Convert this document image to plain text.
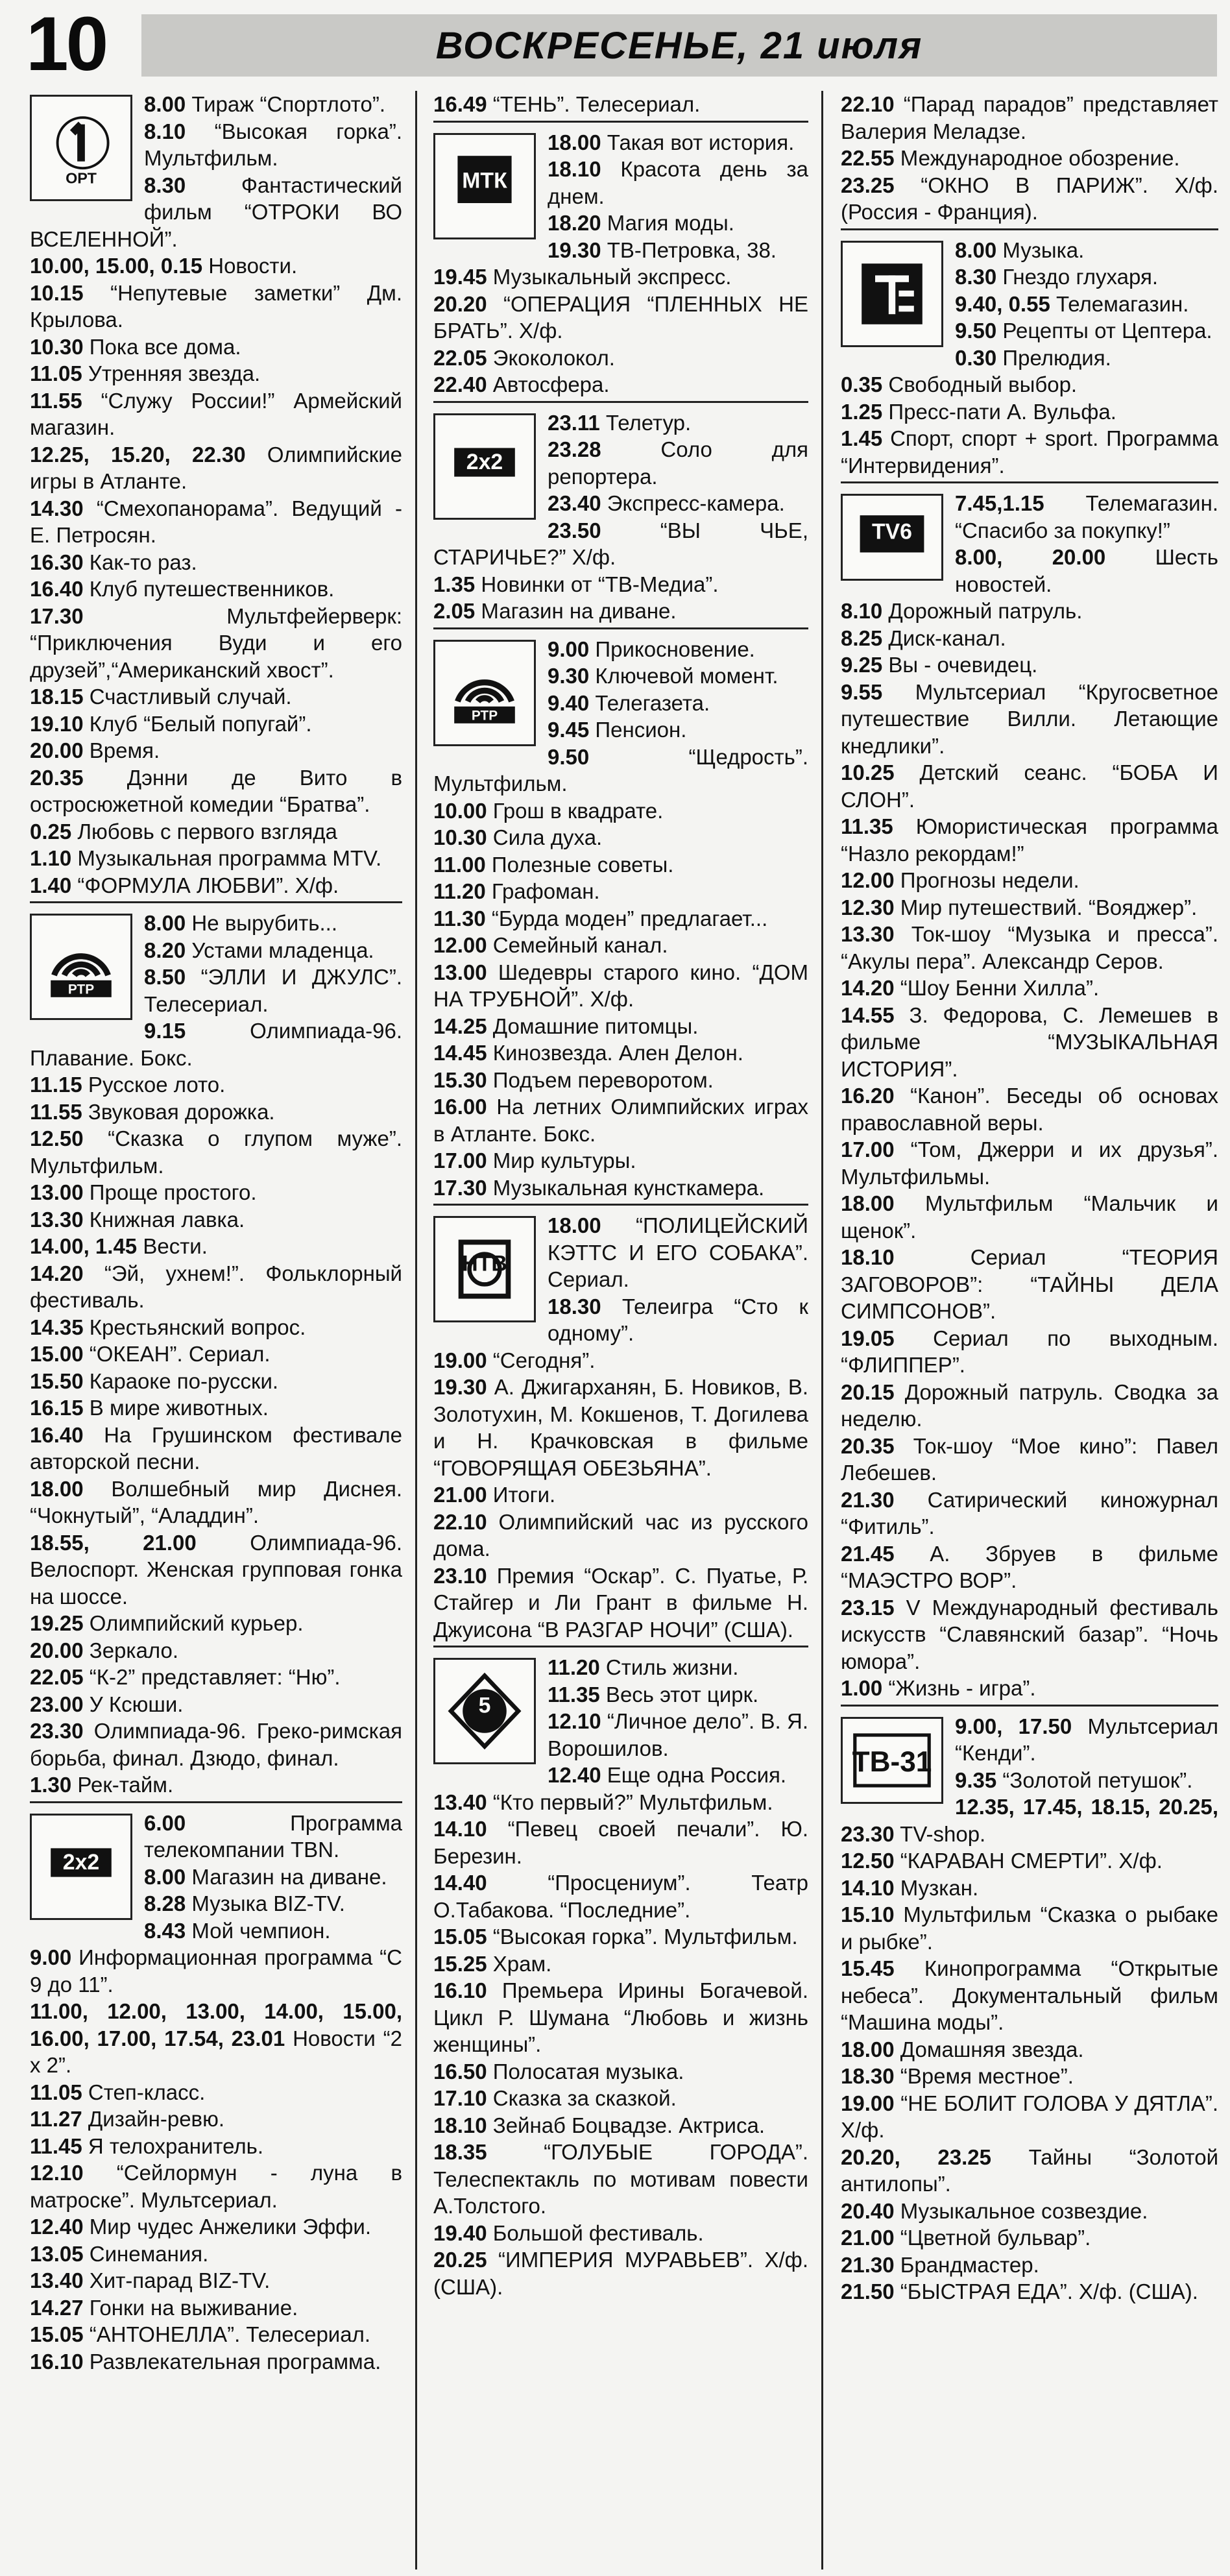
10	ВОСКРЕСЕНЬЕ, 21 июля
ОРТ
8.00 Тираж “Спортлото”.
8.10 “Высокая горка”. Мультфильм.
8.30 Фантастический фильм “ОТРОКИ ВО ВСЕЛЕННОЙ”.
10.00, 15.00, 0.15 Новости.
10.15 “Непутевые заметки” Дм. Крылова.
10.30 Пока все дома.
11.05 Утренняя звезда.
11.55 “Служу России!” Армейский магазин.
12.25, 15.20, 22.30 Олимпийские игры в Атланте.
14.30 “Смехопанорама”. Ведущий - Е. Петросян.
16.30 Как-то раз.
16.40 Клуб путешественников.
17.30 Мультфейерверк: “Приключения Вуди и его друзей”,“Американский хвост”.
18.15 Счастливый случай.
19.10 Клуб “Белый попугай”.
20.00 Время.
20.35 Дэнни де Вито в остросюжетной комедии “Братва”.
0.25 Любовь с первого взгляда
1.10 Музыкальная программа MTV.
1.40 “ФОРМУЛА ЛЮБВИ”. Х/ф.
РТР
8.00 Не вырубить...
8.20 Устами младенца.
8.50 “ЭЛЛИ И ДЖУЛС”. Телесериал.
9.15 Олимпиада-96. Плавание. Бокс.
11.15 Русское лото.
11.55 Звуковая дорожка.
12.50 “Сказка о глупом муже”. Мультфильм.
13.00 Проще простого.
13.30 Книжная лавка.
14.00, 1.45 Вести.
14.20 “Эй, ухнем!”. Фольклорный фестиваль.
14.35 Крестьянский вопрос.
15.00 “ОКЕАН”. Сериал.
15.50 Караоке по-русски.
16.15 В мире животных.
16.40 На Грушинском фестивале авторской песни.
18.00 Волшебный мир Диснея. “Чокнутый”, “Аладдин”.
18.55, 21.00 Олимпиада-96. Велоспорт. Женская групповая гонка на шоссе.
19.25 Олимпийский курьер.
20.00 Зеркало.
22.05 “К-2” представляет: “Ню”.
23.00 У Ксюши.
23.30 Олимпиада-96. Греко-римская борьба, финал. Дзюдо, финал.
1.30 Рек-тайм.
2x2
6.00 Программа телекомпании TBN.
8.00 Магазин на диване.
8.28 Музыка BIZ-TV.
8.43 Мой чемпион.
9.00 Информационная программа “С 9 до 11”.
11.00, 12.00, 13.00, 14.00, 15.00, 16.00, 17.00, 17.54, 23.01 Новости “2 х 2”.
11.05 Степ-класс.
11.27 Дизайн-ревю.
11.45 Я телохранитель.
12.10 “Сейлормун - луна в матроске”. Мультсериал.
12.40 Мир чудес Анжелики Эффи.
13.05 Синемания.
13.40 Хит-парад BIZ-TV.
14.27 Гонки на выживание.
15.05 “АНТОНЕЛЛА”. Телесериал.
16.10 Развлекательная программа.
16.49 “ТЕНЬ”. Телесериал.
МТК
18.00 Такая вот история.
18.10 Красота день за днем.
18.20 Магия моды.
19.30 ТВ-Петровка, 38.
19.45 Музыкальный экспресс.
20.20 “ОПЕРАЦИЯ “ПЛЕННЫХ НЕ БРАТЬ”. Х/ф.
22.05 Экоколокол.
22.40 Автосфера.
2x2
23.11 Телетур.
23.28 Соло для репортера.
23.40 Экспресс-камера.
23.50 “ВЫ ЧЬЕ, СТАРИЧЬЕ?” Х/ф.
1.35 Новинки от “ТВ-Медиа”.
2.05 Магазин на диване.
РТР
9.00 Прикосновение.
9.30 Ключевой момент.
9.40 Телегазета.
9.45 Пенсион.
9.50 “Щедрость”. Мультфильм.
10.00 Грош в квадрате.
10.30 Сила духа.
11.00 Полезные советы.
11.20 Графоман.
11.30 “Бурда моден” предлагает...
12.00 Семейный канал.
13.00 Шедевры старого кино. “ДОМ НА ТРУБНОЙ”. Х/ф.
14.25 Домашние питомцы.
14.45 Кинозвезда. Ален Делон.
15.30 Подъем переворотом.
16.00 На летних Олимпийских играх в Атланте. Бокс.
17.00 Мир культуры.
17.30 Музыкальная кунсткамера.
НТВ
18.00 “ПОЛИЦЕЙСКИЙ КЭТТС И ЕГО СОБАКА”. Сериал.
18.30 Телеигра “Сто к одному”.
19.00 “Сегодня”.
19.30 А. Джигарханян, Б. Новиков, В. Золотухин, М. Кокшенов, Т. Догилева и Н. Крачковская в фильме “ГОВОРЯЩАЯ ОБЕЗЬЯНА”.
21.00 Итоги.
22.10 Олимпийский час из русского дома.
23.10 Премия “Оскар”. С. Пуатье, Р. Стайгер и Ли Грант в фильме Н. Джуисона “В РАЗГАР НОЧИ” (США).
5
11.20 Стиль жизни.
11.35 Весь этот цирк.
12.10 “Личное дело”. В. Я. Ворошилов.
12.40 Еще одна Россия.
13.40 “Кто первый?” Мультфильм.
14.10 “Певец своей печали”. Ю. Березин.
14.40 “Просцениум”. Театр О.Табакова. “Последние”.
15.05 “Высокая горка”. Мультфильм.
15.25 Храм.
16.10 Премьера Ирины Богачевой. Цикл Р. Шумана “Любовь и жизнь женщины”.
16.50 Полосатая музыка.
17.10 Сказка за сказкой.
18.10 Зейнаб Боцвадзе. Актриса.
18.35 “ГОЛУБЫЕ ГОРОДА”. Телеспектакль по мотивам повести А.Толстого.
19.40 Большой фестиваль.
20.25 “ИМПЕРИЯ МУРАВЬЕВ”. Х/ф. (США).
22.10 “Парад парадов” представляет Валерия Меладзе.
22.55 Международное обозрение.
23.25 “ОКНО В ПАРИЖ”. Х/ф. (Россия - Франция).
8.00 Музыка.
8.30 Гнездо глухаря.
9.40, 0.55 Телемагазин.
9.50 Рецепты от Цептера.
0.30 Прелюдия.
0.35 Свободный выбор.
1.25 Пресс-пати А. Вульфа.
1.45 Спорт, спорт + sport. Программа “Интервидения”.
TV6
7.45,1.15 Телемагазин. “Спасибо за покупку!”
8.00, 20.00 Шесть новостей.
8.10 Дорожный патруль.
8.25 Диск-канал.
9.25 Вы - очевидец.
9.55 Мультсериал “Кругосветное путешествие Вилли. Летающие кнедлики”.
10.25 Детский сеанс. “БОБА И СЛОН”.
11.35 Юмористическая программа “Назло рекордам!”
12.00 Прогнозы недели.
12.30 Мир путешествий. “Вояджер”.
13.30 Ток-шоу “Музыка и пресса”. “Акулы пера”. Александр Серов.
14.20 “Шоу Бенни Хилла”.
14.55 З. Федорова, С. Лемешев в фильме “МУЗЫКАЛЬНАЯ ИСТОРИЯ”.
16.20 “Канон”. Беседы об основах православной веры.
17.00 “Том, Джерри и их друзья”. Мультфильмы.
18.00 Мультфильм “Мальчик и щенок”.
18.10 Сериал “ТЕОРИЯ ЗАГОВОРОВ”: “ТАЙНЫ ДЕЛА СИМПСОНОВ”.
19.05 Сериал по выходным. “ФЛИППЕР”.
20.15 Дорожный патруль. Сводка за неделю.
20.35 Ток-шоу “Мое кино”: Павел Лебешев.
21.30 Сатирический киножурнал “Фитиль”.
21.45 А. Збруев в фильме “МАЭСТРО ВОР”.
23.15 V Международный фестиваль искусств “Славянский базар”. “Ночь юмора”.
1.00 “Жизнь - игра”.
ТВ-31
9.00, 17.50 Мультсериал “Кенди”.
9.35 “Золотой петушок”.
12.35, 17.45, 18.15, 20.25, 23.30 TV-shop.
12.50 “КАРАВАН СМЕРТИ”. Х/ф.
14.10 Музкан.
15.10 Мультфильм “Сказка о рыбаке и рыбке”.
15.45 Кинопрограмма “Открытые небеса”. Документальный фильм “Машина моды”.
18.00 Домашняя звезда.
18.30 “Время местное”.
19.00 “НЕ БОЛИТ ГОЛОВА У ДЯТЛА”. Х/ф.
20.20, 23.25 Тайны “Золотой антилопы”.
20.40 Музыкальное созвездие.
21.00 “Цветной бульвар”.
21.30 Брандмастер.
21.50 “БЫСТРАЯ ЕДА”. Х/ф. (США).
